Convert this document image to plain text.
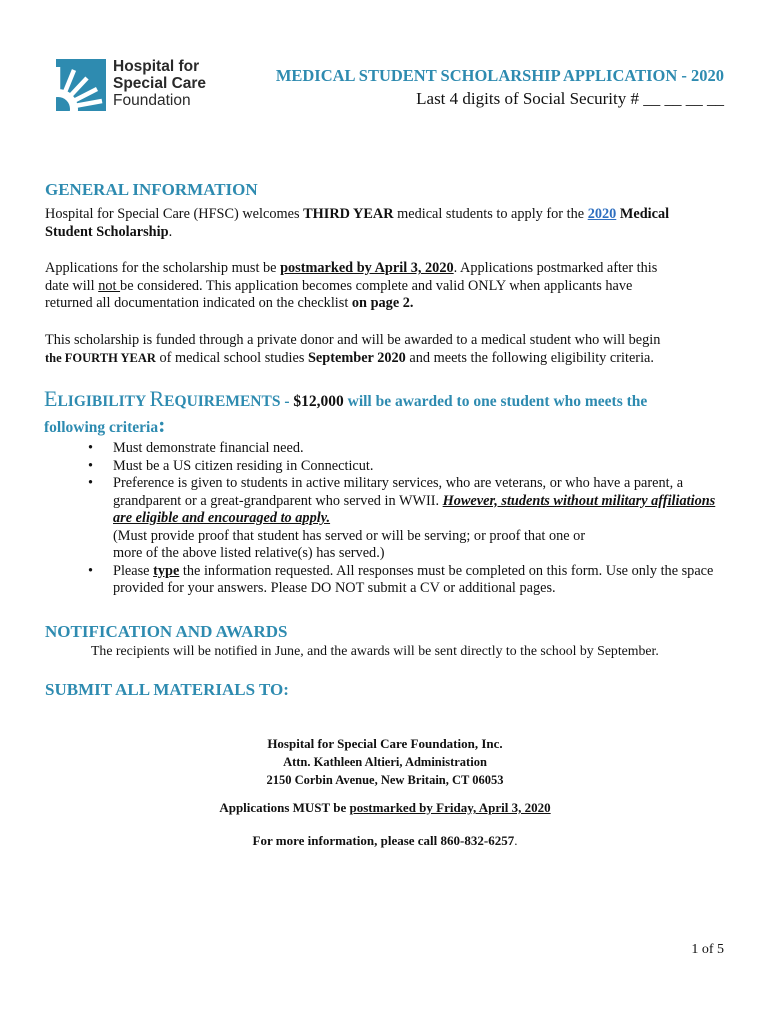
Hospital for
Special Care
Foundation
MEDICAL STUDENT SCHOLARSHIP APPLICATION - 2020
Last 4 digits of Social Security # __ __ __ __
GENERAL INFORMATION
Hospital for Special Care (HFSC) welcomes THIRD YEAR medical students to apply for the 2020 Medical
Student Scholarship.
Applications for the scholarship must be postmarked by April 3, 2020. Applications postmarked after this
date will not be considered. This application becomes complete and valid ONLY when applicants have
returned all documentation indicated on the checklist on page 2.
This scholarship is funded through a private donor and will be awarded to a medical student who will begin
the FOURTH YEAR of medical school studies September 2020 and meets the following eligibility criteria.
ELIGIBILITY REQUIREMENTS - $12,000 will be awarded to one student who meets the
following criteria:
• Must demonstrate financial need.
• Must be a US citizen residing in Connecticut.
• Preference is given to students in active military services, who are veterans, or who have a parent, a grandparent or a great-grandparent who served in WWII. However, students without military affiliations are eligible and encouraged to apply.
(Must provide proof that student has served or will be serving; or proof that one or
more of the above listed relative(s) has served.)
• Please type the information requested. All responses must be completed on this form. Use only the space provided for your answers. Please DO NOT submit a CV or additional pages.
NOTIFICATION AND AWARDS
The recipients will be notified in June, and the awards will be sent directly to the school by September.
SUBMIT ALL MATERIALS TO:
Hospital for Special Care Foundation, Inc.
Attn. Kathleen Altieri, Administration
2150 Corbin Avenue, New Britain, CT 06053
Applications MUST be postmarked by Friday, April 3, 2020
For more information, please call 860-832-6257.
1 of 5
